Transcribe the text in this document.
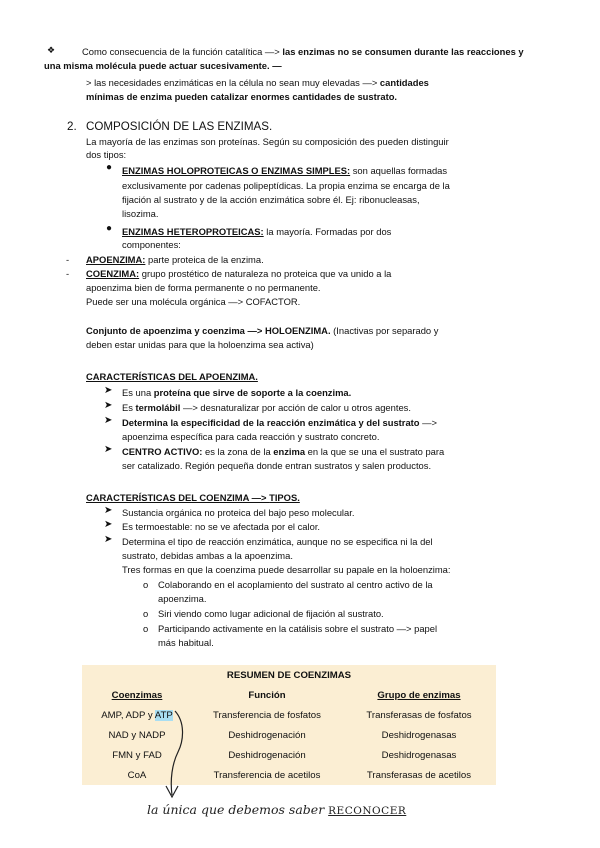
❖	Como consecuencia de la función catalítica —> las enzimas no se consumen durante las reacciones y
una misma molécula puede actuar sucesivamente. —
> las necesidades enzimáticas en la célula no sean muy elevadas —> cantidades
mínimas de enzima pueden catalizar enormes cantidades de sustrato.
2. COMPOSICIÓN DE LAS ENZIMAS.
La mayoría de las enzimas son proteínas. Según su composición des pueden distinguir
dos tipos:
● ENZIMAS HOLOPROTEICAS O ENZIMAS SIMPLES: son aquellas formadas
exclusivamente por cadenas polipeptídicas. La propia enzima se encarga de la
fijación al sustrato y de la acción enzimática sobre él. Ej: ribonucleasas,
lisozima.
● ENZIMAS HETEROPROTEICAS: la mayoría. Formadas por dos
componentes:
- APOENZIMA: parte proteica de la enzima.
- COENZIMA: grupo prostético de naturaleza no proteica que va unido a la
apoenzima bien de forma permanente o no permanente.
Puede ser una molécula orgánica —> COFACTOR.
Conjunto de apoenzima y coenzima —> HOLOENZIMA. (Inactivas por separado y
deben estar unidas para que la holoenzima sea activa)
CARACTERÍSTICAS DEL APOENZIMA.
➤ Es una proteína que sirve de soporte a la coenzima.
➤ Es termolábil —> desnaturalizar por acción de calor u otros agentes.
➤ Determina la especificidad de la reacción enzimática y del sustrato —>
apoenzima específica para cada reacción y sustrato concreto.
➤ CENTRO ACTIVO: es la zona de la enzima en la que se una el sustrato para
ser catalizado. Región pequeña donde entran sustratos y salen productos.
CARACTERÍSTICAS DEL COENZIMA —> TIPOS.
➤ Sustancia orgánica no proteica del bajo peso molecular.
➤ Es termoestable: no se ve afectada por el calor.
➤ Determina el tipo de reacción enzimática, aunque no se especifica ni la del
sustrato, debidas ambas a la apoenzima.
Tres formas en que la coenzima puede desarrollar su papale en la holoenzima:
o Colaborando en el acoplamiento del sustrato al centro activo de la
apoenzima.
o Siri viendo como lugar adicional de fijación al sustrato.
o Participando activamente en la catálisis sobre el sustrato —> papel
más habitual.
RESUMEN DE COENZIMAS		
Coenzimas	Función	Grupo de enzimas
AMP, ADP y ATP	Transferencia de fosfatos	Transferasas de fosfatos
NAD y NADP	Deshidrogenación	Deshidrogenasas
FMN y FAD	Deshidrogenación	Deshidrogenasas
CoA	Transferencia de acetilos	Transferasas de acetilos
la única que debemos saber RECONOCER
